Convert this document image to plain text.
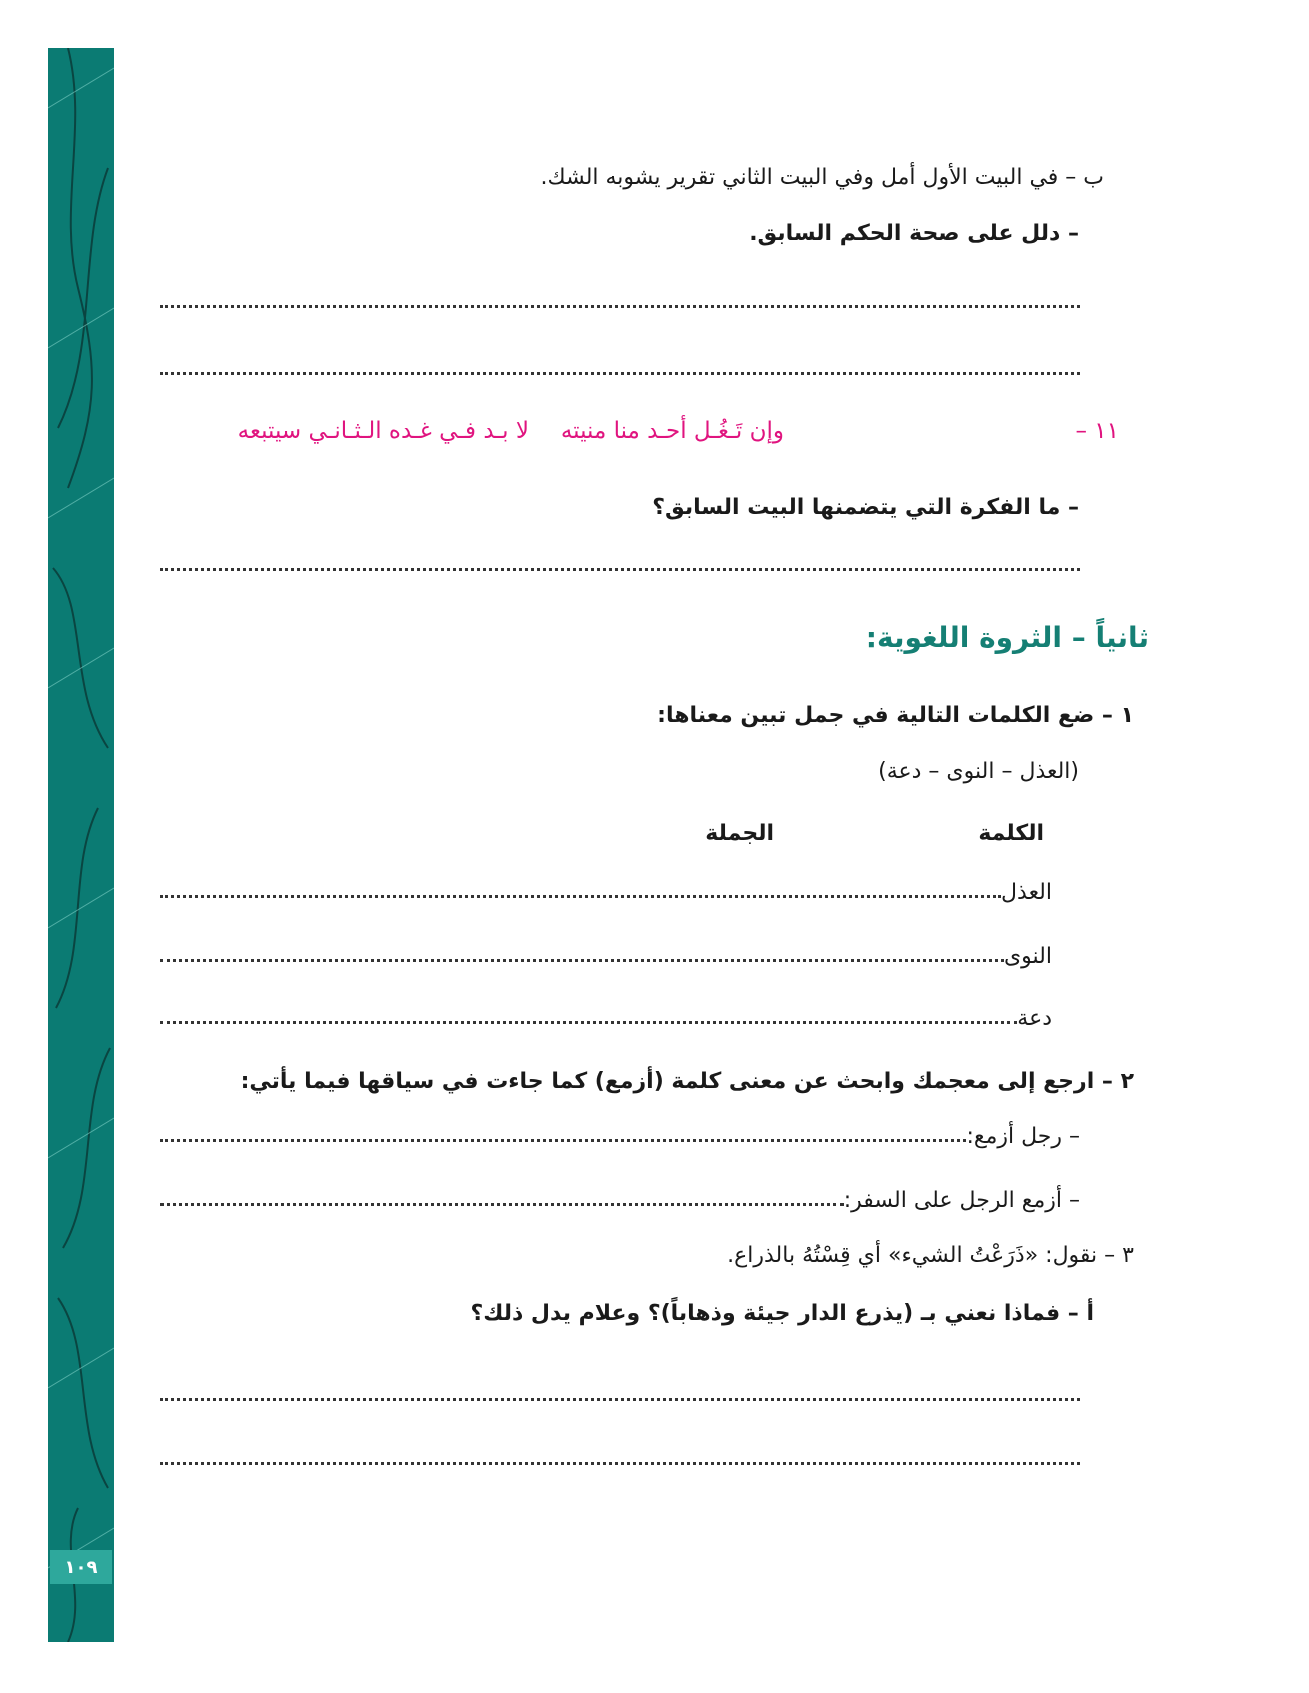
١٠٩
ب – في البيت الأول أمل وفي البيت الثاني تقرير يشوبه الشك.
– دلل على صحة الحكم السابق.
١١ –
وإن تَـغُـل أحـد منا منيته
لا بـد فـي غـده الـثـانـي سيتبعه
– ما الفكرة التي يتضمنها البيت السابق؟
ثانياً – الثروة اللغوية:
١ – ضع الكلمات التالية في جمل تبين معناها:
(العذل – النوى – دعة)
الكلمة
الجملة
العذل
النوى
دعة
٢ – ارجع إلى معجمك وابحث عن معنى كلمة (أزمع) كما جاءت في سياقها فيما يأتي:
– رجل أزمع:
– أزمع الرجل على السفر:
٣ – نقول: «ذَرَعْتُ الشيء» أي قِسْتُهُ بالذراع.
أ – فماذا نعني بـ (يذرع الدار جيئة وذهاباً)؟ وعلام يدل ذلك؟
